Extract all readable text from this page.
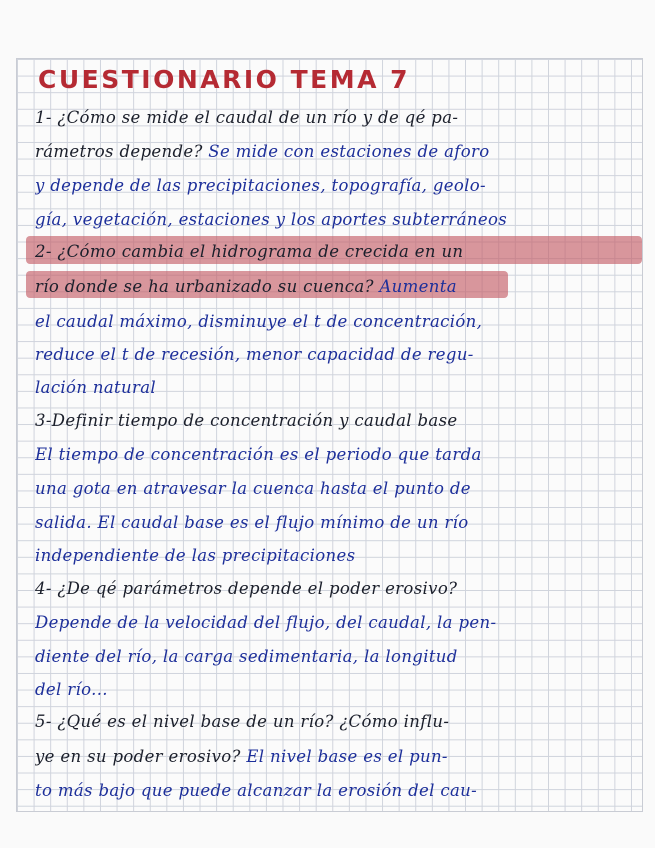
CUESTIONARIO TEMA 7
1- ¿Cómo se mide el caudal de un río y de qé pa-
rámetros depende? Se mide con estaciones de aforo
y depende de las precipitaciones, topografía, geolo-
gía, vegetación, estaciones y los aportes subterráneos
2- ¿Cómo cambia el hidrograma de crecida en un
río donde se ha urbanizado su cuenca? Aumenta
el caudal máximo, disminuye el t de concentración,
reduce el t de recesión, menor capacidad de regu-
lación natural
3-Definir tiempo de concentración y caudal base
El tiempo de concentración es el periodo que tarda
una gota en atravesar la cuenca hasta el punto de
salida. El caudal base es el flujo mínimo de un río
independiente de las precipitaciones
4- ¿De qé parámetros depende el poder erosivo?
Depende de la velocidad del flujo, del caudal, la pen-
diente del río, la carga sedimentaria, la longitud
del río...
5- ¿Qué es el nivel base de un río? ¿Cómo influ-
ye en su poder erosivo? El nivel base es el pun-
to más bajo que puede alcanzar la erosión del cau-
